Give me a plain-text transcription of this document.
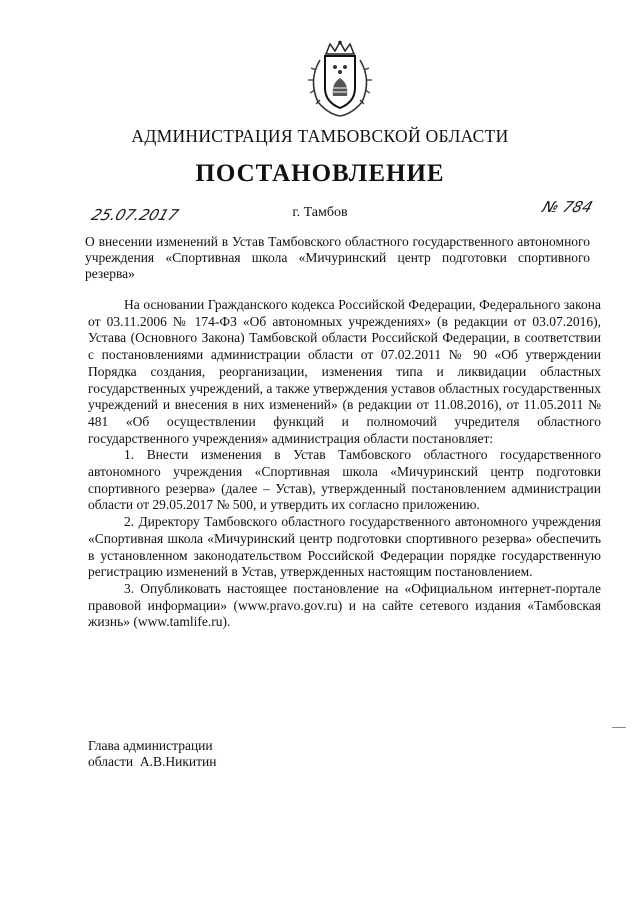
АДМИНИСТРАЦИЯ ТАМБОВСКОЙ ОБЛАСТИ
ПОСТАНОВЛЕНИЕ
25.07.2017	г. Тамбов	№ 784
О внесении изменений в Устав Тамбовского областного государственного автономного учреждения «Спортивная школа «Мичуринский центр подготовки спортивного резерва»

На основании Гражданского кодекса Российской Федерации, Федерального закона от 03.11.2006 № 174-ФЗ «Об автономных учреждениях» (в редакции от 03.07.2016), Устава (Основного Закона) Тамбовской области Российской Федерации, в соответствии с постановлениями администрации области от 07.02.2011 № 90 «Об утверждении Порядка создания, реорганизации, изменения типа и ликвидации областных государственных учреждений, а также утверждения уставов областных государственных учреждений и внесения в них изменений» (в редакции от 11.08.2016), от 11.05.2011 № 481 «Об осуществлении функций и полномочий учредителя областного государственного учреждения» администрация области постановляет:

1. Внести изменения в Устав Тамбовского областного государственного автономного учреждения «Спортивная школа «Мичуринский центр подготовки спортивного резерва» (далее – Устав), утвержденный постановлением администрации области от 29.05.2017 № 500, и утвердить их согласно приложению.

2. Директору Тамбовского областного государственного автономного учреждения «Спортивная школа «Мичуринский центр подготовки спортивного резерва» обеспечить в установленном законодательством Российской Федерации порядке государственную регистрацию изменений в Устав, утвержденных настоящим постановлением.

3. Опубликовать настоящее постановление на «Официальном интернет-портале правовой информации» (www.pravo.gov.ru) и на сайте сетевого издания «Тамбовская жизнь» (www.tamlife.ru).

Глава администрации
области А.В.Никитин
